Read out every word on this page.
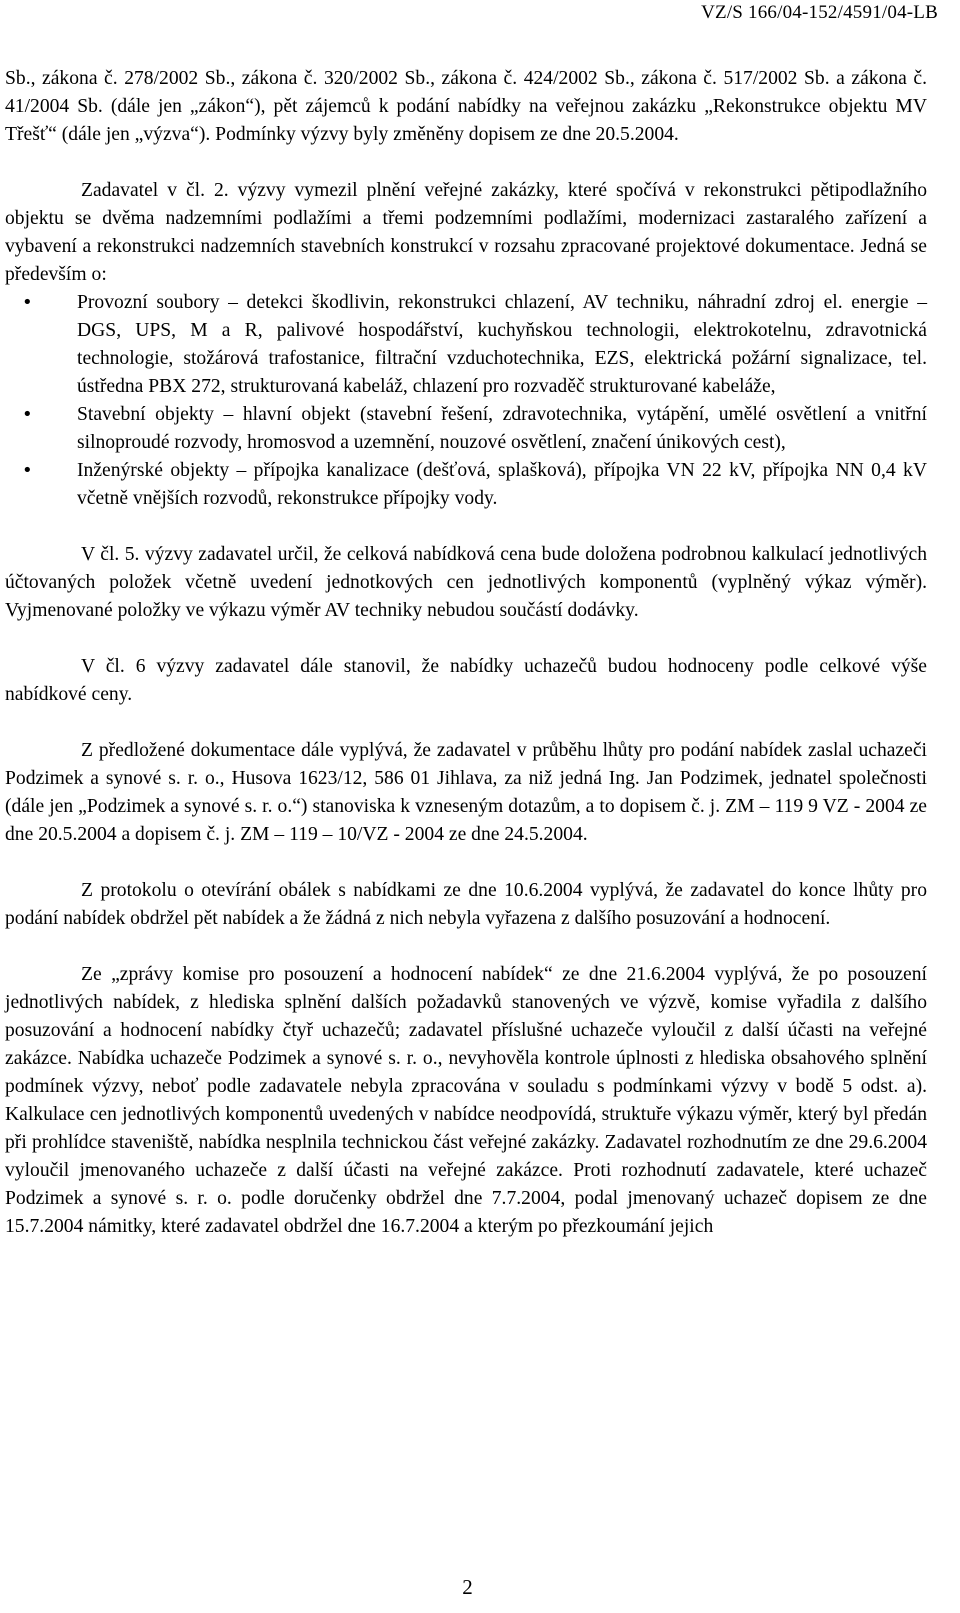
VZ/S 166/04-152/4591/04-LB

Sb., zákona č. 278/2002 Sb., zákona č. 320/2002 Sb., zákona č. 424/2002 Sb., zákona č. 517/2002 Sb. a zákona č. 41/2004 Sb. (dále jen „zákon“), pět zájemců k podání nabídky na veřejnou zakázku „Rekonstrukce objektu MV Třešť“ (dále jen „výzva“). Podmínky výzvy byly změněny dopisem ze dne 20.5.2004.

Zadavatel v čl. 2. výzvy vymezil plnění veřejné zakázky, které spočívá v rekonstrukci pětipodlažního objektu se dvěma nadzemními podlažími a třemi podzemními podlažími, modernizaci zastaralého zařízení a vybavení a rekonstrukci nadzemních stavebních konstrukcí v rozsahu zpracované projektové dokumentace. Jedná se především o:

• Provozní soubory – detekci škodlivin, rekonstrukci chlazení, AV techniku, náhradní zdroj el. energie – DGS, UPS, M a R, palivové hospodářství, kuchyňskou technologii, elektrokotelnu, zdravotnická technologie, stožárová trafostanice, filtrační vzduchotechnika, EZS, elektrická požární signalizace, tel. ústředna PBX 272, strukturovaná kabeláž, chlazení pro rozvaděč strukturované kabeláže,
• Stavební objekty – hlavní objekt (stavební řešení, zdravotechnika, vytápění, umělé osvětlení a vnitřní silnoproudé rozvody, hromosvod a uzemnění, nouzové osvětlení, značení únikových cest),
• Inženýrské objekty – přípojka kanalizace (dešťová, splašková), přípojka VN 22 kV, přípojka NN 0,4 kV včetně vnějších rozvodů, rekonstrukce přípojky vody.

V čl. 5. výzvy zadavatel určil, že celková nabídková cena bude doložena podrobnou kalkulací jednotlivých účtovaných položek včetně uvedení jednotkových cen jednotlivých komponentů (vyplněný výkaz výměr). Vyjmenované položky ve výkazu výměr AV techniky nebudou součástí dodávky.

V čl. 6 výzvy zadavatel dále stanovil, že nabídky uchazečů budou hodnoceny podle celkové výše nabídkové ceny.

Z předložené dokumentace dále vyplývá, že zadavatel v průběhu lhůty pro podání nabídek zaslal uchazeči Podzimek a synové s. r. o., Husova 1623/12, 586 01 Jihlava, za niž jedná Ing. Jan Podzimek, jednatel společnosti (dále jen „Podzimek a synové s. r. o.“) stanoviska k vzneseným dotazům, a to dopisem č. j. ZM – 119 9 VZ - 2004 ze dne 20.5.2004 a dopisem č. j. ZM – 119 – 10/VZ - 2004 ze dne 24.5.2004.

Z protokolu o otevírání obálek s nabídkami ze dne 10.6.2004 vyplývá, že zadavatel do konce lhůty pro podání nabídek obdržel pět nabídek a že žádná z nich nebyla vyřazena z dalšího posuzování a hodnocení.

Ze „zprávy komise pro posouzení a hodnocení nabídek“ ze dne 21.6.2004 vyplývá, že po posouzení jednotlivých nabídek, z hlediska splnění dalších požadavků stanovených ve výzvě, komise vyřadila z dalšího posuzování a hodnocení nabídky čtyř uchazečů; zadavatel příslušné uchazeče vyloučil z další účasti na veřejné zakázce. Nabídka uchazeče Podzimek a synové s. r. o., nevyhověla kontrole úplnosti z hlediska obsahového splnění podmínek výzvy, neboť podle zadavatele nebyla zpracována v souladu s podmínkami výzvy v bodě 5 odst. a). Kalkulace cen jednotlivých komponentů uvedených v nabídce neodpovídá, struktuře výkazu výměr, který byl předán při prohlídce staveniště, nabídka nesplnila technickou část veřejné zakázky. Zadavatel rozhodnutím ze dne 29.6.2004 vyloučil jmenovaného uchazeče z další účasti na veřejné zakázce. Proti rozhodnutí zadavatele, které uchazeč Podzimek a synové s. r. o. podle doručenky obdržel dne 7.7.2004, podal jmenovaný uchazeč dopisem ze dne 15.7.2004 námitky, které zadavatel obdržel dne 16.7.2004 a kterým po přezkoumání jejich

2
